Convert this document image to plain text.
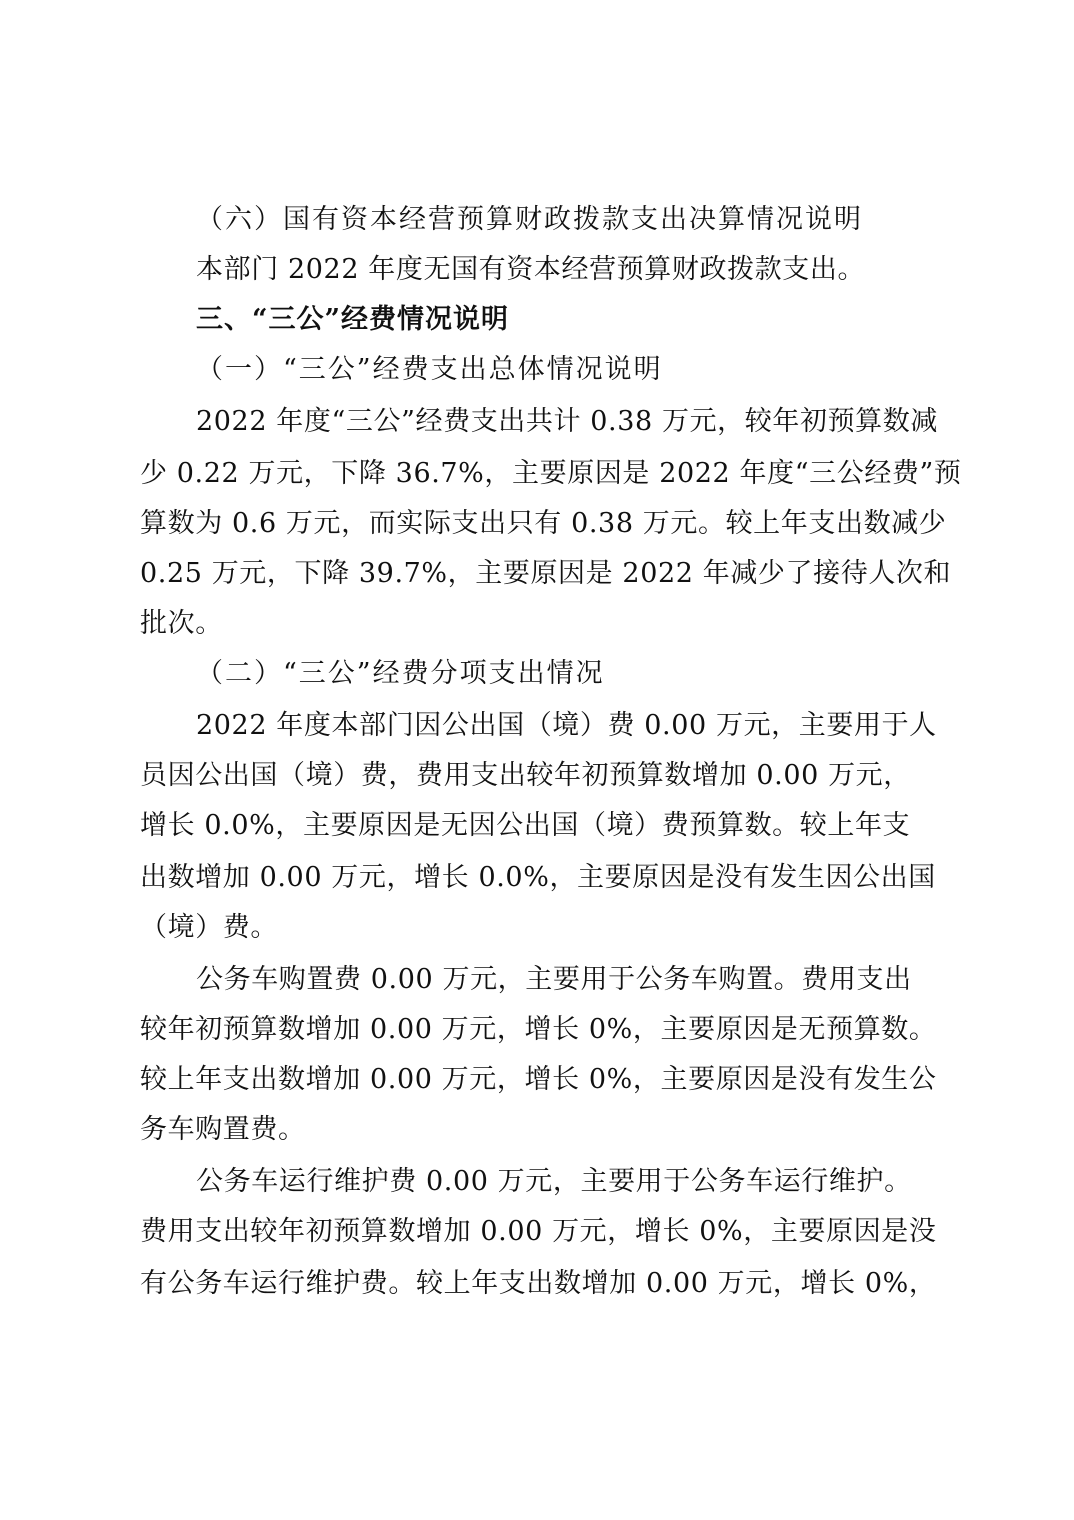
（六）国有资本经营预算财政拨款支出决算情况说明
本部门 2022 年度无国有资本经营预算财政拨款支出。
三、“三公”经费情况说明
（一）“三公”经费支出总体情况说明
2022 年度“三公”经费支出共计 0.38 万元，较年初预算数减
少 0.22 万元，下降 36.7%，主要原因是 2022 年度“三公经费”预
算数为 0.6 万元，而实际支出只有 0.38 万元。较上年支出数减少
0.25 万元，下降 39.7%，主要原因是 2022 年减少了接待人次和
批次。
（二）“三公”经费分项支出情况
2022 年度本部门因公出国（境）费 0.00 万元，主要用于人
员因公出国（境）费，费用支出较年初预算数增加 0.00 万元，
增长 0.0%，主要原因是无因公出国（境）费预算数。较上年支
出数增加 0.00 万元，增长 0.0%，主要原因是没有发生因公出国
（境）费。
公务车购置费 0.00 万元，主要用于公务车购置。费用支出
较年初预算数增加 0.00 万元，增长 0%，主要原因是无预算数。
较上年支出数增加 0.00 万元，增长 0%，主要原因是没有发生公
务车购置费。
公务车运行维护费 0.00 万元，主要用于公务车运行维护。
费用支出较年初预算数增加 0.00 万元，增长 0%，主要原因是没
有公务车运行维护费。较上年支出数增加 0.00 万元，增长 0%，
